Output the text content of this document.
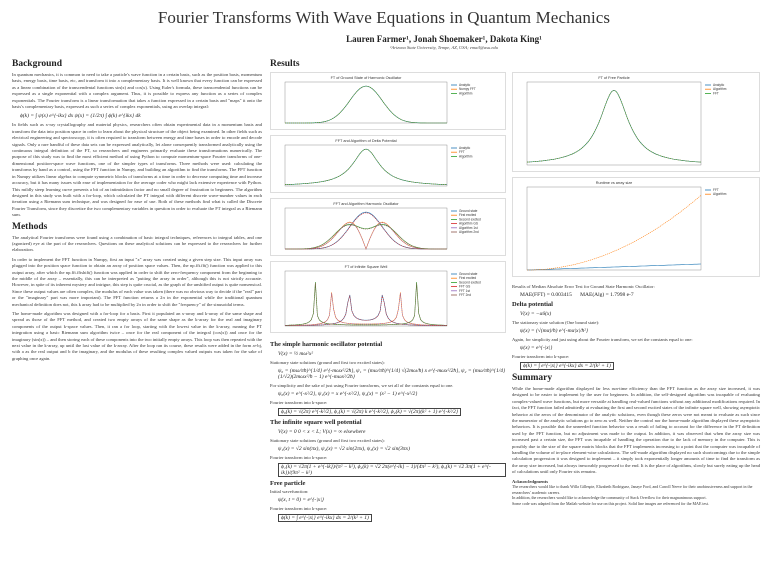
Fourier Transforms With Wave Equations in Quantum Mechanics
Lauren Farmer¹, Jonah Shoemaker¹, Dakota King¹
¹Arizona State University, Tempe, AZ, USA; email@asu.edu
Background

In quantum mechanics, it is common to need to take a particle's wave function in a certain basis, such as the position basis, momentum basis, energy basis, time basis, etc, and transform it into a complementary basis. It is well known that every function can be expressed as a linear combination of the transcendental functions sin(x) and cos(x). Using Euler's formula, these transcendental functions can be expressed as a single exponential with a complex argument. Thus, it is possible to express any function as a series of complex exponentials. The Fourier transform is a linear transformation that takes a function expressed in a certain basis and "maps" it onto the basis's complementary basis, expressed as such a series of complex exponentials, using an overlap integral:

ϕ(k) = ∫ ψ(x) e^{-ikx} dx ψ(x) = (1/2π) ∫ ϕ(k) e^{ikx} dk

In fields such as x-ray crystallography and material physics, researchers often obtain experimental data in a momentum basis and transform the data into position space in order to learn about the physical structure of the object being examined. In other fields such as electrical engineering and spectroscopy, it is often required to transform between energy and time bases in order to encode and decode signals. Only a rare handful of these data sets can be expressed analytically, let alone consequently transformed analytically using the continuous integral definition of the FT, so researchers and engineers primarily evaluate these transformations numerically. The purpose of this study was to find the most efficient method of using Python to compute momentum-space Fourier transforms of one-dimensional position-space wave functions, one of the simpler types of transforms. Three methods were used: calculating the transforms by hand as a control, using the FFT function in Numpy, and building an algorithm to find the transforms. The FFT function in Numpy utilizes linear algebra to compute symmetric blocks of transforms at a time in order to decrease computing time and increase accuracy, but it has many issues with ease of implementation for the average coder who might lack extensive experience with Python. This mildly steep learning curve presents a bit of an intimidation factor and no small degree of frustration to beginners. The algorithm designed in this study was built with a for-loop, which calculated the FT integral with different discrete wave-number values in each iteration using a Riemann sum technique, and was designed for ease of use. Both of these methods find what is called the Discrete Fourier Transform, since they discretize the two complementary variables in question in order to evaluate the FT integral as a Riemann sum.

Methods

The analytical Fourier transforms were found using a combination of basic integral techniques, references to integral tables, and one (agonized) eye at the part of the researchers. Questions on these analytical solutions can be expressed to the researchers for further elaboration.

In order to implement the FFT function in Numpy, first an input "x" array was created using a given step size. This input array was plugged into the position space function to obtain an array of position space values. Then, the np.fft.fft() function was applied to this output array, after which the np.fft.fftshift() function was applied in order to shift the zero-frequency component from the beginning to the middle of the array – essentially, this can be interpreted as "putting the array in order", although this is not strictly accurate. However, in spite of its inherent mystery and intrigue, this step is quite crucial, as the graph of the unshifted output is quite nonsensical. Since these output values are often complex, the modulus of each value was taken (there was no obvious way to decide if the "real" part or the "imaginary" part was more important). The FFT function returns a 2π in the exponential while the traditional quantum mechanical definition does not, this k array had to be multiplied by 2π in order to shift the "frequency" of the sinusoidal terms.

The home-made algorithm was designed with a for-loop for a basis. First it populated an x-array and k-array of the same shape and spread as those of the FFT method, and created two empty arrays of the same shape as the k-array for the real and imaginary components of the output k-space values. Then, it ran a for loop, starting with the lowest value in the k-array, running the FT integration using a basic Riemann sum algorithm twice – once for the real component of the integral (cos(x)) and once for the imaginary (sin(x)) – and then storing each of these components into the two initially empty arrays. This loop was then repeated with the next value in the k-array, up until the last value of the k-array. After the loop ran its course, these results were added in the form a+bj, with a as the real output and b the imaginary, and the modulus of these resulting complex valued outputs was taken for the sake of graphing once again.

Results
FT of Ground State of Harmonic Oscillator
Analytic
Numpy FFT
Algorithm

FFT and Algorithm of Delta Potential
Analytic
FFT
Algorithm

FFT and Algorithm Harmonic Oscillator
Ground state
First excited
Second excited
Algorithm GS
Algorithm 1st
Algorithm 2nd

FT of Infinite Square Well
Ground state
First excited
Second excited
FFT GS
FFT 1st
FFT 2nd
The simple harmonic oscillator potential
V(x) = ½ mω²x²
Stationary state solutions (ground and first two excited states):
ψ₀ = (mω/πħ)^{1/4} e^{-mωx²/2ħ}, ψ₁ = (mω/πħ)^{1/4} √(2mω/ħ) x e^{-mωx²/2ħ}, ψ₂ = (mω/πħ)^{1/4} (1/√2)(2mωx²/ħ − 1) e^{-mωx²/2ħ}
For simplicity and the sake of just using Fourier transforms, we set all of the constants equal to one.
ψ₀(x) = e^{-x²/2}, ψ₁(x) = x e^{-x²/2}, ψ₂(x) = (x² − 1) e^{-x²/2}
Fourier transform into k-space:
ϕ₀(k) = √(2π) e^{-k²/2}, ϕ₁(k) = √(2π) k e^{-k²/2}, ϕ₂(k) = √(2π)(k² + 1) e^{-k²/2}
The infinite square well potential
V(x) = 0 0 < x < L; V(x) = ∞ elsewhere
Stationary state solutions (ground and first two excited states):
ψ₁(x) = √2 sin(πx), ψ₂(x) = √2 sin(2πx), ψ₃(x) = √2 sin(3πx)
Fourier transform into k-space:
ϕ₁(k) = √2π(1 + e^{-ik})/(π² − k²), ϕ₂(k) = √2 2π(e^{-ik} − 1)/(4π² − k²), ϕ₃(k) = √2 3π(1 + e^{-ik})/(9π² − k²)
Free particle
Initial wavefunction:
ψ(x, t = 0) = e^{-|x|}
Fourier transform into k-space:
ϕ(k) = ∫ e^{-|x|} e^{-ikx} dx = 2/(k² + 1)
FT of Free Particle
Analytic
Algorithm
FFT

Runtime vs array size
FFT
Algorithm
Results of Median Absolute Error Test for Ground State Harmonic Oscillator:
MAE(FFT) = 0.003415 MAE(Alg) = 1.7998 e-7
Delta potential
V(x) = −αδ(x)
The stationary state solution (One bound state):
ψ(x) = (√(mα)/ħ) e^{-mα|x|/ħ²}
Again, for simplicity and just using about the Fourier transform, we set the constants equal to one:
ψ(x) = e^{-|x|}
Fourier transform into k-space:
ϕ(k) = ∫ e^{-|x|} e^{-ikx} dx = 2/(k² + 1)
Summary

While the home-made algorithm displayed far less run-time efficiency than the FFT function as the array size increased, it was designed to be easier to implement by the user for beginners. In addition, the self-designed algorithm was incapable of evaluating complex-valued wave functions, but more versatile at handling real-valued functions without any additional modifications required. In fact, the FFT function failed admittedly at evaluating the first and second excited states of the infinite square well, showing asymptotic behavior at the zeros of the denominator of the analytic solutions, even though these zeros were not meant to evaluate as such since the numerator of the analytic solutions go to zero as well. Neither the control nor the home-made algorithm displayed these asymptotic behaviors. It is possible that the unneeded function behavior was a result of failing to account for the difference in the FT definition used by the FFT function, but no adjustment was made to the output. In addition, it was observed that when the array size was increased past a certain size, the FFT was incapable of handling the operation due to the lack of memory in the computer. This is possibly due to the size of the square matrix blocks that the FFT implements increasing to a point that the computer was incapable of handling the volume of in-place element-wise calculations. The self-made algorithm displayed no such shortcomings due to the simple calculation progression it was designed to implement – it simply took exponentially longer amounts of time to find the transform as the array size increased, but always inexorably progressed to the end. It is the place of algorithms, slowly but surely eating up the head of calculations until only Fourier sits remains.

Acknowledgments
The researchers would like to thank Willa Gillespie, Elizabeth Rodriguez, Janaye Ford, and Carroll Neeve for their unobtrusiveness and support in the researchers' academic careers.
In addition, the researchers would like to acknowledge the community of Stack Overflow for their magnanimous support.
Some code was adapted from the Matlab website for use on this project. Solid line images are referenced for the MAE test.
